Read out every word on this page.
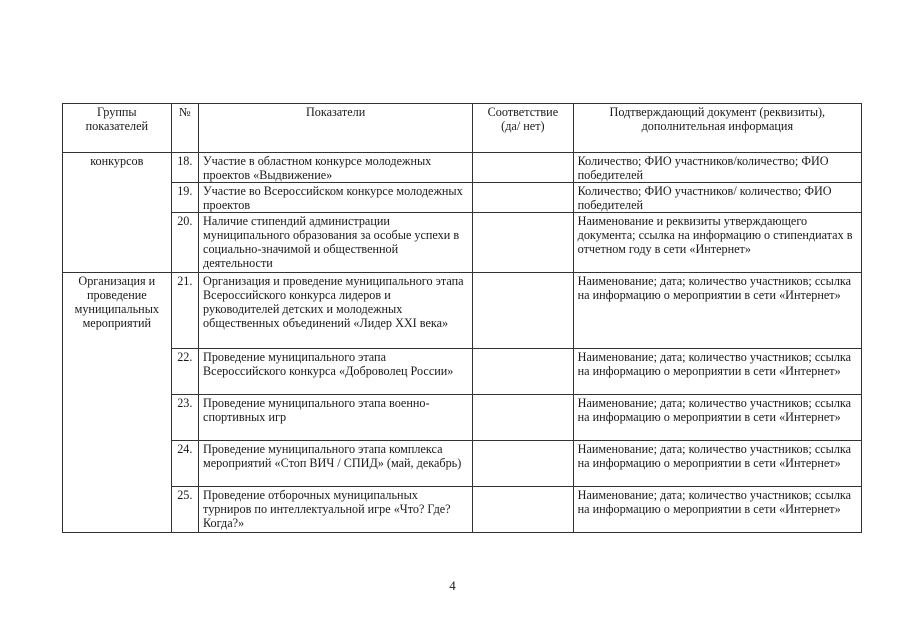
Группы показателей	№	Показатели	Соответствие (да/ нет)	Подтверждающий документ (реквизиты), дополнительная информация
конкурсов	18.	Участие в областном конкурсе молодежных проектов «Выдвижение»		Количество; ФИО участников/количество; ФИО победителей
	19.	Участие во Всероссийском конкурсе молодежных проектов		Количество; ФИО участников/ количество; ФИО победителей
	20.	Наличие стипендий администрации муниципального образования за особые успехи в социально-значимой и общественной деятельности		Наименование и реквизиты утверждающего документа; ссылка на информацию о стипендиатах в отчетном году в сети «Интернет»
Организация и проведение муниципальных мероприятий	21.	Организация и проведение муниципального этапа Всероссийского конкурса лидеров и руководителей детских и молодежных общественных объединений «Лидер XXI века»		Наименование; дата; количество участников; ссылка на информацию о мероприятии в сети «Интернет»
	22.	Проведение муниципального этапа Всероссийского конкурса «Доброволец России»		Наименование; дата; количество участников; ссылка на информацию о мероприятии в сети «Интернет»
	23.	Проведение муниципального этапа военно-спортивных игр		Наименование; дата; количество участников; ссылка на информацию о мероприятии в сети «Интернет»
	24.	Проведение муниципального этапа комплекса мероприятий «Стоп ВИЧ / СПИД» (май, декабрь)		Наименование; дата; количество участников; ссылка на информацию о мероприятии в сети «Интернет»
	25.	Проведение отборочных муниципальных турниров по интеллектуальной игре «Что? Где? Когда?»		Наименование; дата; количество участников; ссылка на информацию о мероприятии в сети «Интернет»
4
